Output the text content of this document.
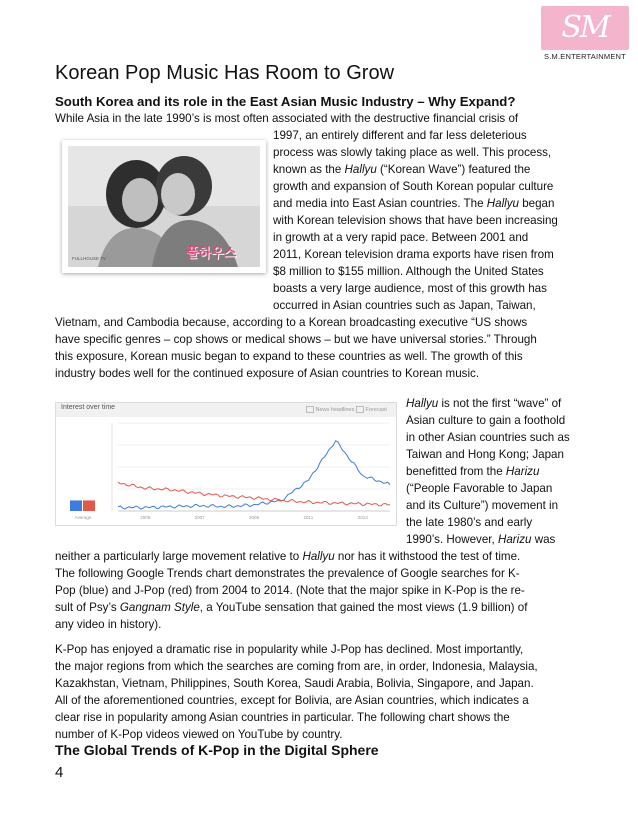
SM
S.M.ENTERTAINMENT
Korean Pop Music Has Room to Grow
South Korea and its role in the East Asian Music Industry – Why Expand?
While Asia in the late 1990’s is most often associated with the destructive financial crisis of
1997, an entirely different and far less deleterious
process was slowly taking place as well. This process,
known as the Hallyu (“Korean Wave”) featured the
growth and expansion of South Korean popular culture
and media into East Asian countries. The Hallyu began
with Korean television shows that have been increasing
in growth at a very rapid pace. Between 2001 and
2011, Korean television drama exports have risen from
$8 million to $155 million. Although the United States
boasts a very large audience, most of this growth has
occurred in Asian countries such as Japan, Taiwan,
Vietnam, and Cambodia because, according to a Korean broadcasting executive “US shows
have specific genres – cop shows or medical shows – but we have universal stories.” Through
this exposure, Korean music began to expand to these countries as well. The growth of this
industry bodes well for the continued exposure of Asian countries to Korean music.
풀하우스
FULLHOUSE TV
Interest over time	News headlines	Forecast
Average	2005	2007	2009	2011	2013
Hallyu is not the first “wave” of
Asian culture to gain a foothold
in other Asian countries such as
Taiwan and Hong Kong; Japan
benefitted from the Harizu
(“People Favorable to Japan
and its Culture”) movement in
the late 1980’s and early
1990’s. However, Harizu was
neither a particularly large movement relative to Hallyu nor has it withstood the test of time.
The following Google Trends chart demonstrates the prevalence of Google searches for K-
Pop (blue) and J-Pop (red) from 2004 to 2014. (Note that the major spike in K-Pop is the re-
sult of Psy’s Gangnam Style, a YouTube sensation that gained the most views (1.9 billion) of
any video in history).
K-Pop has enjoyed a dramatic rise in popularity while J-Pop has declined. Most importantly,
the major regions from which the searches are coming from are, in order, Indonesia, Malaysia,
Kazakhstan, Vietnam, Philippines, South Korea, Saudi Arabia, Bolivia, Singapore, and Japan.
All of the aforementioned countries, except for Bolivia, are Asian countries, which indicates a
clear rise in popularity among Asian countries in particular. The following chart shows the
number of K-Pop videos viewed on YouTube by country.
The Global Trends of K-Pop in the Digital Sphere
4
